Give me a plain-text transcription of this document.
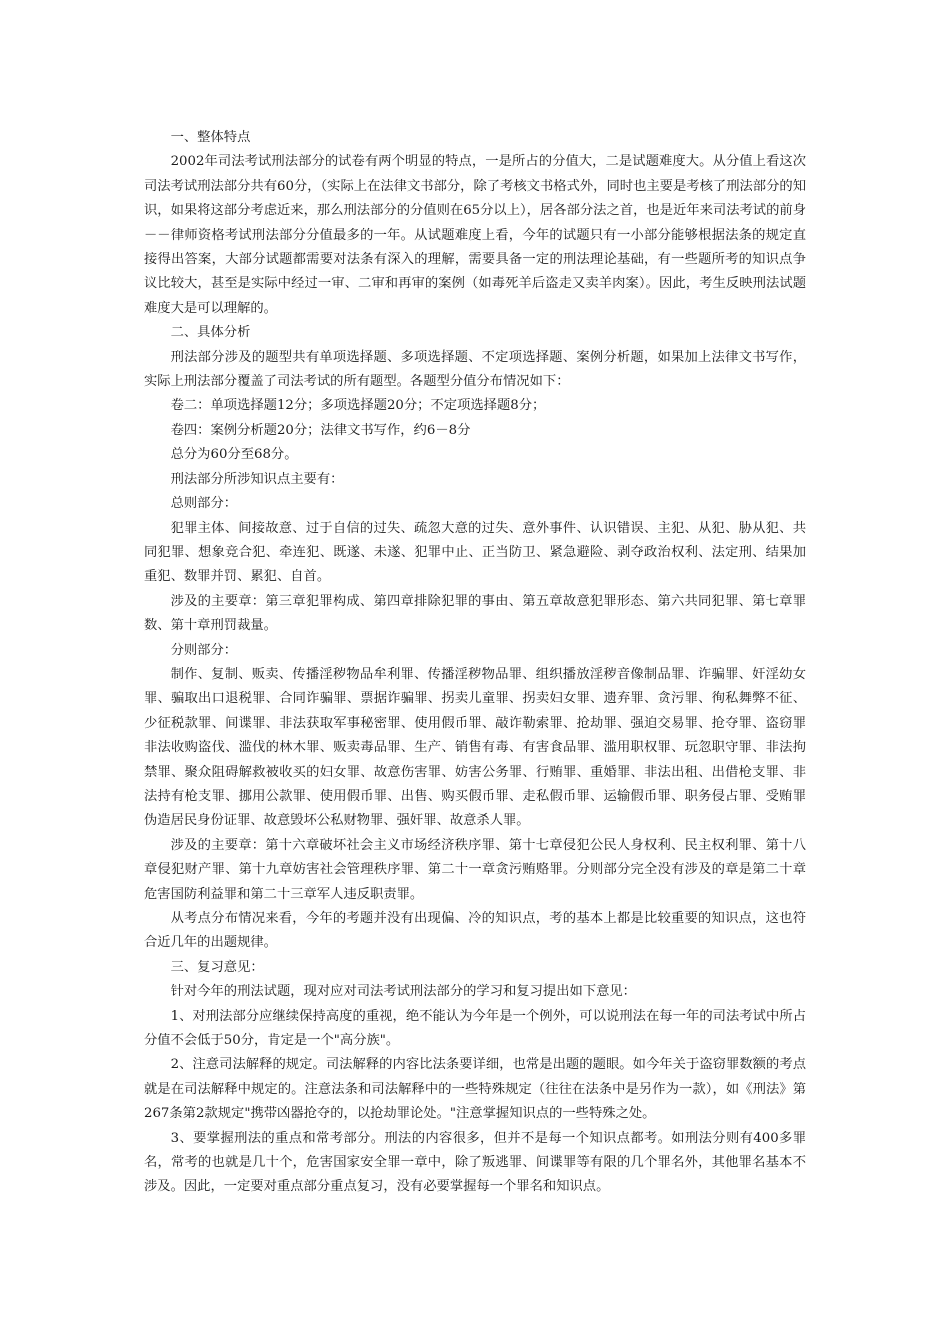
一、整体特点

2002年司法考试刑法部分的试卷有两个明显的特点，一是所占的分值大，二是试题难度大。从分值上看这次司法考试刑法部分共有60分，（实际上在法律文书部分，除了考核文书格式外，同时也主要是考核了刑法部分的知识，如果将这部分考虑近来，那么刑法部分的分值则在65分以上），居各部分法之首，也是近年来司法考试的前身－－律师资格考试刑法部分分值最多的一年。从试题难度上看，今年的试题只有一小部分能够根据法条的规定直接得出答案，大部分试题都需要对法条有深入的理解，需要具备一定的刑法理论基础，有一些题所考的知识点争议比较大，甚至是实际中经过一审、二审和再审的案例（如毒死羊后盗走又卖羊肉案）。因此，考生反映刑法试题难度大是可以理解的。

二、具体分析

刑法部分涉及的题型共有单项选择题、多项选择题、不定项选择题、案例分析题，如果加上法律文书写作，实际上刑法部分覆盖了司法考试的所有题型。各题型分值分布情况如下：

卷二：单项选择题12分；多项选择题20分；不定项选择题8分；

卷四：案例分析题20分；法律文书写作，约6－8分

总分为60分至68分。

刑法部分所涉知识点主要有：

总则部分：

犯罪主体、间接故意、过于自信的过失、疏忽大意的过失、意外事件、认识错误、主犯、从犯、胁从犯、共同犯罪、想象竞合犯、牵连犯、既遂、未遂、犯罪中止、正当防卫、紧急避险、剥夺政治权利、法定刑、结果加重犯、数罪并罚、累犯、自首。

涉及的主要章：第三章犯罪构成、第四章排除犯罪的事由、第五章故意犯罪形态、第六共同犯罪、第七章罪数、第十章刑罚裁量。

分则部分：

制作、复制、贩卖、传播淫秽物品牟利罪、传播淫秽物品罪、组织播放淫秽音像制品罪、诈骗罪、奸淫幼女罪、骗取出口退税罪、合同诈骗罪、票据诈骗罪、拐卖儿童罪、拐卖妇女罪、遗弃罪、贪污罪、徇私舞弊不征、少征税款罪、间谍罪、非法获取军事秘密罪、使用假币罪、敲诈勒索罪、抢劫罪、强迫交易罪、抢夺罪、盗窃罪非法收购盗伐、滥伐的林木罪、贩卖毒品罪、生产、销售有毒、有害食品罪、滥用职权罪、玩忽职守罪、非法拘禁罪、聚众阻碍解救被收买的妇女罪、故意伤害罪、妨害公务罪、行贿罪、重婚罪、非法出租、出借枪支罪、非法持有枪支罪、挪用公款罪、使用假币罪、出售、购买假币罪、走私假币罪、运输假币罪、职务侵占罪、受贿罪伪造居民身份证罪、故意毁坏公私财物罪、强奸罪、故意杀人罪。

涉及的主要章：第十六章破坏社会主义市场经济秩序罪、第十七章侵犯公民人身权利、民主权利罪、第十八章侵犯财产罪、第十九章妨害社会管理秩序罪、第二十一章贪污贿赂罪。分则部分完全没有涉及的章是第二十章危害国防利益罪和第二十三章军人违反职责罪。

从考点分布情况来看，今年的考题并没有出现偏、冷的知识点，考的基本上都是比较重要的知识点，这也符合近几年的出题规律。

三、复习意见：

针对今年的刑法试题，现对应对司法考试刑法部分的学习和复习提出如下意见：

1、对刑法部分应继续保持高度的重视，绝不能认为今年是一个例外，可以说刑法在每一年的司法考试中所占分值不会低于50分，肯定是一个"高分族"。

2、注意司法解释的规定。司法解释的内容比法条要详细，也常是出题的题眼。如今年关于盗窃罪数额的考点就是在司法解释中规定的。注意法条和司法解释中的一些特殊规定（往往在法条中是另作为一款），如《刑法》第267条第2款规定"携带凶器抢夺的，以抢劫罪论处。"注意掌握知识点的一些特殊之处。

3、要掌握刑法的重点和常考部分。刑法的内容很多，但并不是每一个知识点都考。如刑法分则有400多罪名，常考的也就是几十个，危害国家安全罪一章中，除了叛逃罪、间谍罪等有限的几个罪名外，其他罪名基本不涉及。因此，一定要对重点部分重点复习，没有必要掌握每一个罪名和知识点。
